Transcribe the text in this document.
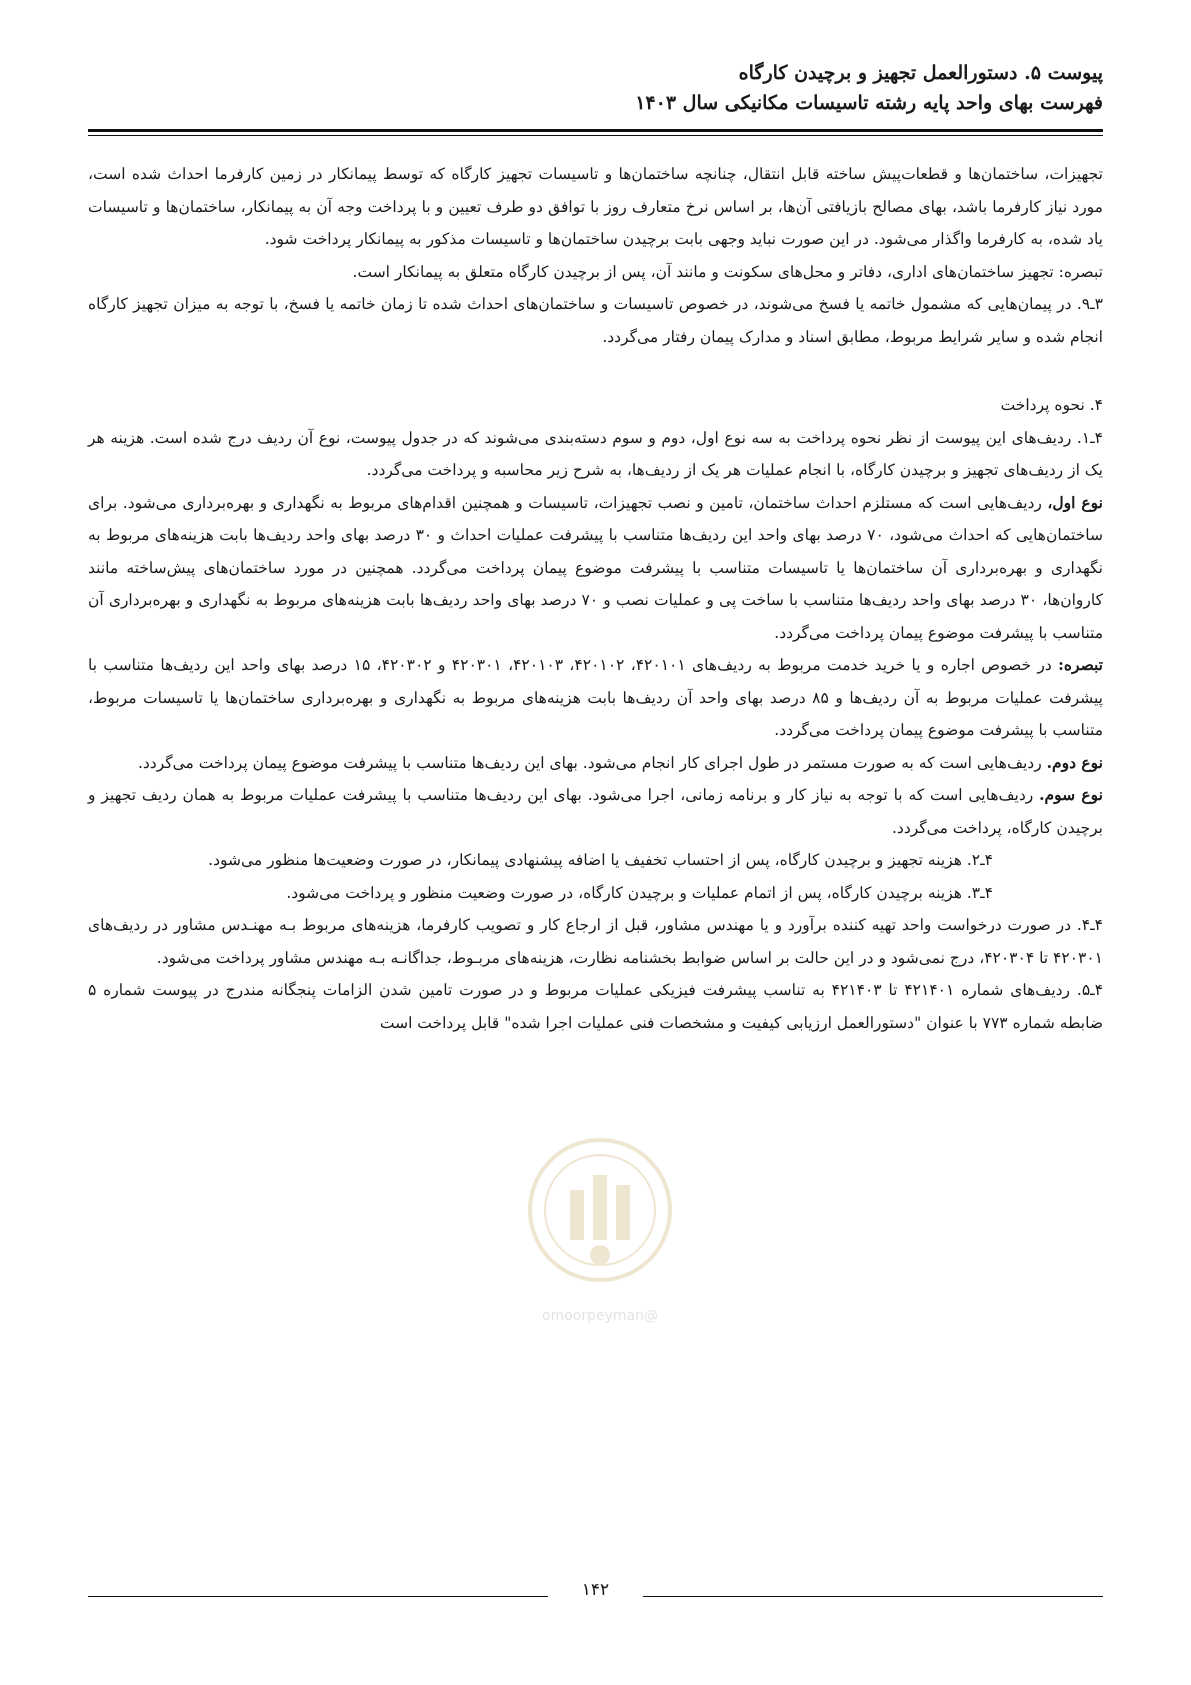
پیوست ۵. دستورالعمل تجهیز و برچیدن کارگاه

فهرست بهای واحد پایه رشته تاسیسات مکانیکی سال ۱۴۰۳

تجهیزات، ساختمان‌ها و قطعات‌پیش ساخته قابل انتقال، چنانچه ساختمان‌ها و تاسیسات تجهیز کارگاه که توسط پیمانکار در زمین کارفرما احداث شده است، مورد نیاز کارفرما باشد، بهای مصالح بازیافتی آن‌ها، بر اساس نرخ متعارف روز با توافق دو طرف تعیین و با پرداخت وجه آن به پیمانکار، ساختمان‌ها و تاسیسات یاد شده، به کارفرما واگذار می‌شود. در این صورت نباید وجهی بابت برچیدن ساختمان‌ها و تاسیسات مذکور به پیمانکار پرداخت شود.

تبصره: تجهیز ساختمان‌های اداری، دفاتر و محل‌های سکونت و مانند آن، پس از برچیدن کارگاه متعلق به پیمانکار است.

۳ـ۹. در پیمان‌هایی که مشمول خاتمه یا فسخ می‌شوند، در خصوص تاسیسات و ساختمان‌های احداث شده تا زمان خاتمه یا فسخ، با توجه به میزان تجهیز کارگاه انجام شده و سایر شرایط مربوط، مطابق اسناد و مدارک پیمان رفتار می‌گردد.

۴. نحوه پرداخت

۴ـ۱. ردیف‌های این پیوست از نظر نحوه پرداخت به سه نوع اول، دوم و سوم دسته‌بندی می‌شوند که در جدول پیوست، نوع آن ردیف درج شده است. هزینه هر یک از ردیف‌های تجهیز و برچیدن کارگاه، با انجام عملیات هر یک از ردیف‌ها، به شرح زیر محاسبه و پرداخت می‌گردد.

نوع اول، ردیف‌هایی است که مستلزم احداث ساختمان، تامین و نصب تجهیزات، تاسیسات و همچنین اقدام‌های مربوط به نگهداری و بهره‌برداری می‌شود. برای ساختمان‌هایی که احداث می‌شود، ۷۰ درصد بهای واحد این ردیف‌ها متناسب با پیشرفت عملیات احداث و ۳۰ درصد بهای واحد ردیف‌ها بابت هزینه‌های مربوط به نگهداری و بهره‌برداری آن ساختمان‌ها یا تاسیسات متناسب با پیشرفت موضوع پیمان پرداخت می‌گردد. همچنین در مورد ساختمان‌های پیش‌ساخته مانند کاروان‌ها، ۳۰ درصد بهای واحد ردیف‌ها متناسب با ساخت پی و عملیات نصب و ۷۰ درصد بهای واحد ردیف‌ها بابت هزینه‌های مربوط به نگهداری و بهره‌برداری آن متناسب با پیشرفت موضوع پیمان پرداخت می‌گردد.

تبصره: در خصوص اجاره و یا خرید خدمت مربوط به ردیف‌های ۴۲۰۱۰۱، ۴۲۰۱۰۲، ۴۲۰۱۰۳، ۴۲۰۳۰۱ و ۴۲۰۳۰۲، ۱۵ درصد بهای واحد این ردیف‌ها متناسب با پیشرفت عملیات مربوط به آن ردیف‌ها و ۸۵ درصد بهای واحد آن ردیف‌ها بابت هزینه‌های مربوط به نگهداری و بهره‌برداری ساختمان‌ها یا تاسیسات مربوط، متناسب با پیشرفت موضوع پیمان پرداخت می‌گردد.

نوع دوم. ردیف‌هایی است که به صورت مستمر در طول اجرای کار انجام می‌شود. بهای این ردیف‌ها متناسب با پیشرفت موضوع پیمان پرداخت می‌گردد.

نوع سوم. ردیف‌هایی است که با توجه به نیاز کار و برنامه زمانی، اجرا می‌شود. بهای این ردیف‌ها متناسب با پیشرفت عملیات مربوط به همان ردیف تجهیز و برچیدن کارگاه، پرداخت می‌گردد.

۴ـ۲. هزینه تجهیز و برچیدن کارگاه، پس از احتساب تخفیف یا اضافه پیشنهادی پیمانکار، در صورت وضعیت‌ها منظور می‌شود.

۴ـ۳. هزینه برچیدن کارگاه، پس از اتمام عملیات و برچیدن کارگاه، در صورت وضعیت منظور و پرداخت می‌شود.

۴ـ۴. در صورت درخواست واحد تهیه کننده برآورد و یا مهندس مشاور، قبل از ارجاع کار و تصویب کارفرما، هزینه‌های مربوط بـه مهنـدس مشاور در ردیف‌های ۴۲۰۳۰۱ تا ۴۲۰۳۰۴، درج نمی‌شود و در این حالت بر اساس ضوابط بخشنامه نظارت، هزینه‌های مربـوط، جداگانـه بـه مهندس مشاور پرداخت می‌شود.

۴ـ۵. ردیف‌های شماره ۴۲۱۴۰۱ تا ۴۲۱۴۰۳ به تناسب پیشرفت فیزیکی عملیات مربوط و در صورت تامین شدن الزامات پنجگانه مندرج در پیوست شماره ۵ ضابطه شماره ۷۷۳ با عنوان "دستورالعمل ارزیابی کیفیت و مشخصات فنی عملیات اجرا شده" قابل پرداخت است

@omoorpeyman
۱۴۲
